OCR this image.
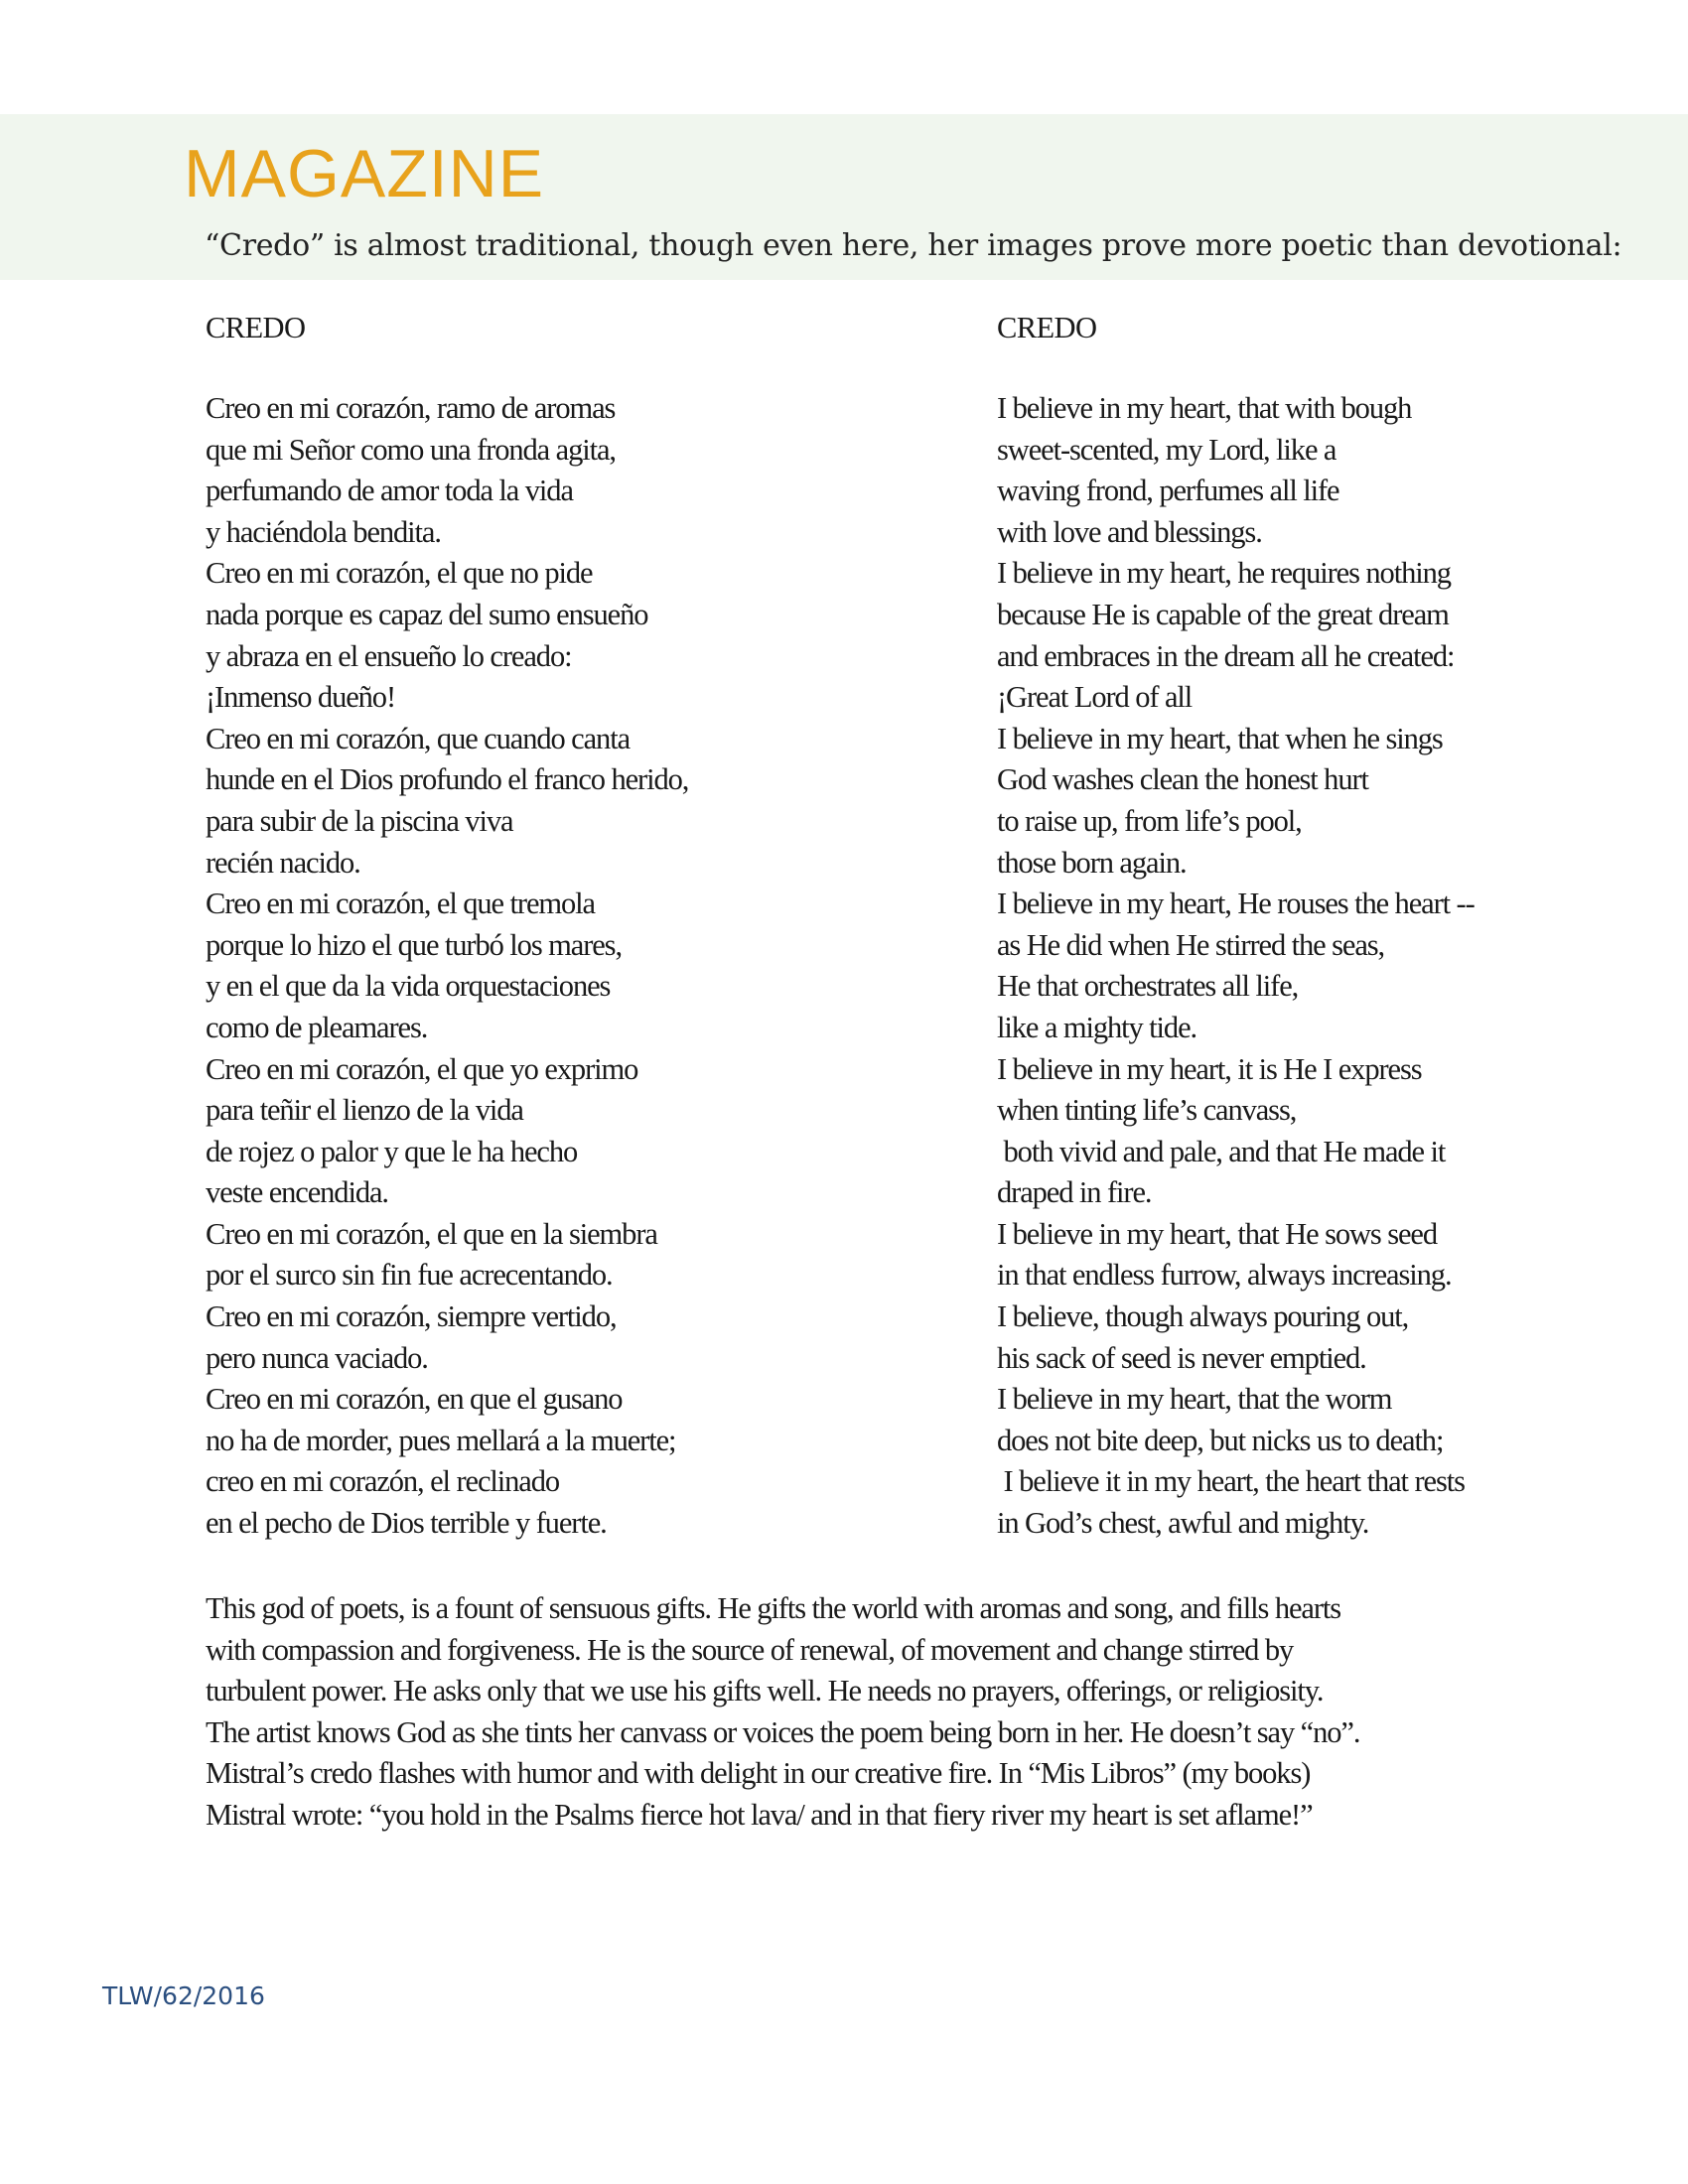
MAGAZINE

“Credo” is almost traditional, though even here, her images prove more poetic than devotional:

CREDO
Creo en mi corazón, ramo de aromas
que mi Señor como una fronda agita,
perfumando de amor toda la vida
y haciéndola bendita.
Creo en mi corazón, el que no pide
nada porque es capaz del sumo ensueño
y abraza en el ensueño lo creado:
¡Inmenso dueño!
Creo en mi corazón, que cuando canta
hunde en el Dios profundo el franco herido,
para subir de la piscina viva
recién nacido.
Creo en mi corazón, el que tremola
porque lo hizo el que turbó los mares,
y en el que da la vida orquestaciones
como de pleamares.
Creo en mi corazón, el que yo exprimo
para teñir el lienzo de la vida
de rojez o palor y que le ha hecho
veste encendida.
Creo en mi corazón, el que en la siembra
por el surco sin fin fue acrecentando.
Creo en mi corazón, siempre vertido,
pero nunca vaciado.
Creo en mi corazón, en que el gusano
no ha de morder, pues mellará a la muerte;
creo en mi corazón, el reclinado
en el pecho de Dios terrible y fuerte.
CREDO
I believe in my heart, that with bough
sweet-scented, my Lord, like a
waving frond, perfumes all life
with love and blessings.
I believe in my heart, he requires nothing
because He is capable of the great dream
and embraces in the dream all he created:
¡Great Lord of all
I believe in my heart, that when he sings
God washes clean the honest hurt
to raise up, from life’s pool,
those born again.
I believe in my heart, He rouses the heart --
as He did when He stirred the seas,
He that orchestrates all life,
like a mighty tide.
I believe in my heart, it is He I express
when tinting life’s canvass,
both vivid and pale, and that He made it
draped in fire.
I believe in my heart, that He sows seed
in that endless furrow, always increasing.
I believe, though always pouring out,
his sack of seed is never emptied.
I believe in my heart, that the worm
does not bite deep, but nicks us to death;
I believe it in my heart, the heart that rests
in God’s chest, awful and mighty.
This god of poets, is a fount of sensuous gifts. He gifts the world with aromas and song, and fills hearts
with compassion and forgiveness. He is the source of renewal, of movement and change stirred by
turbulent power. He asks only that we use his gifts well. He needs no prayers, offerings, or religiosity.
The artist knows God as she tints her canvass or voices the poem being born in her. He doesn’t say “no”.
Mistral’s credo flashes with humor and with delight in our creative fire. In “Mis Libros” (my books)
Mistral wrote: “you hold in the Psalms fierce hot lava/ and in that fiery river my heart is set aflame!”

TLW/62/2016
